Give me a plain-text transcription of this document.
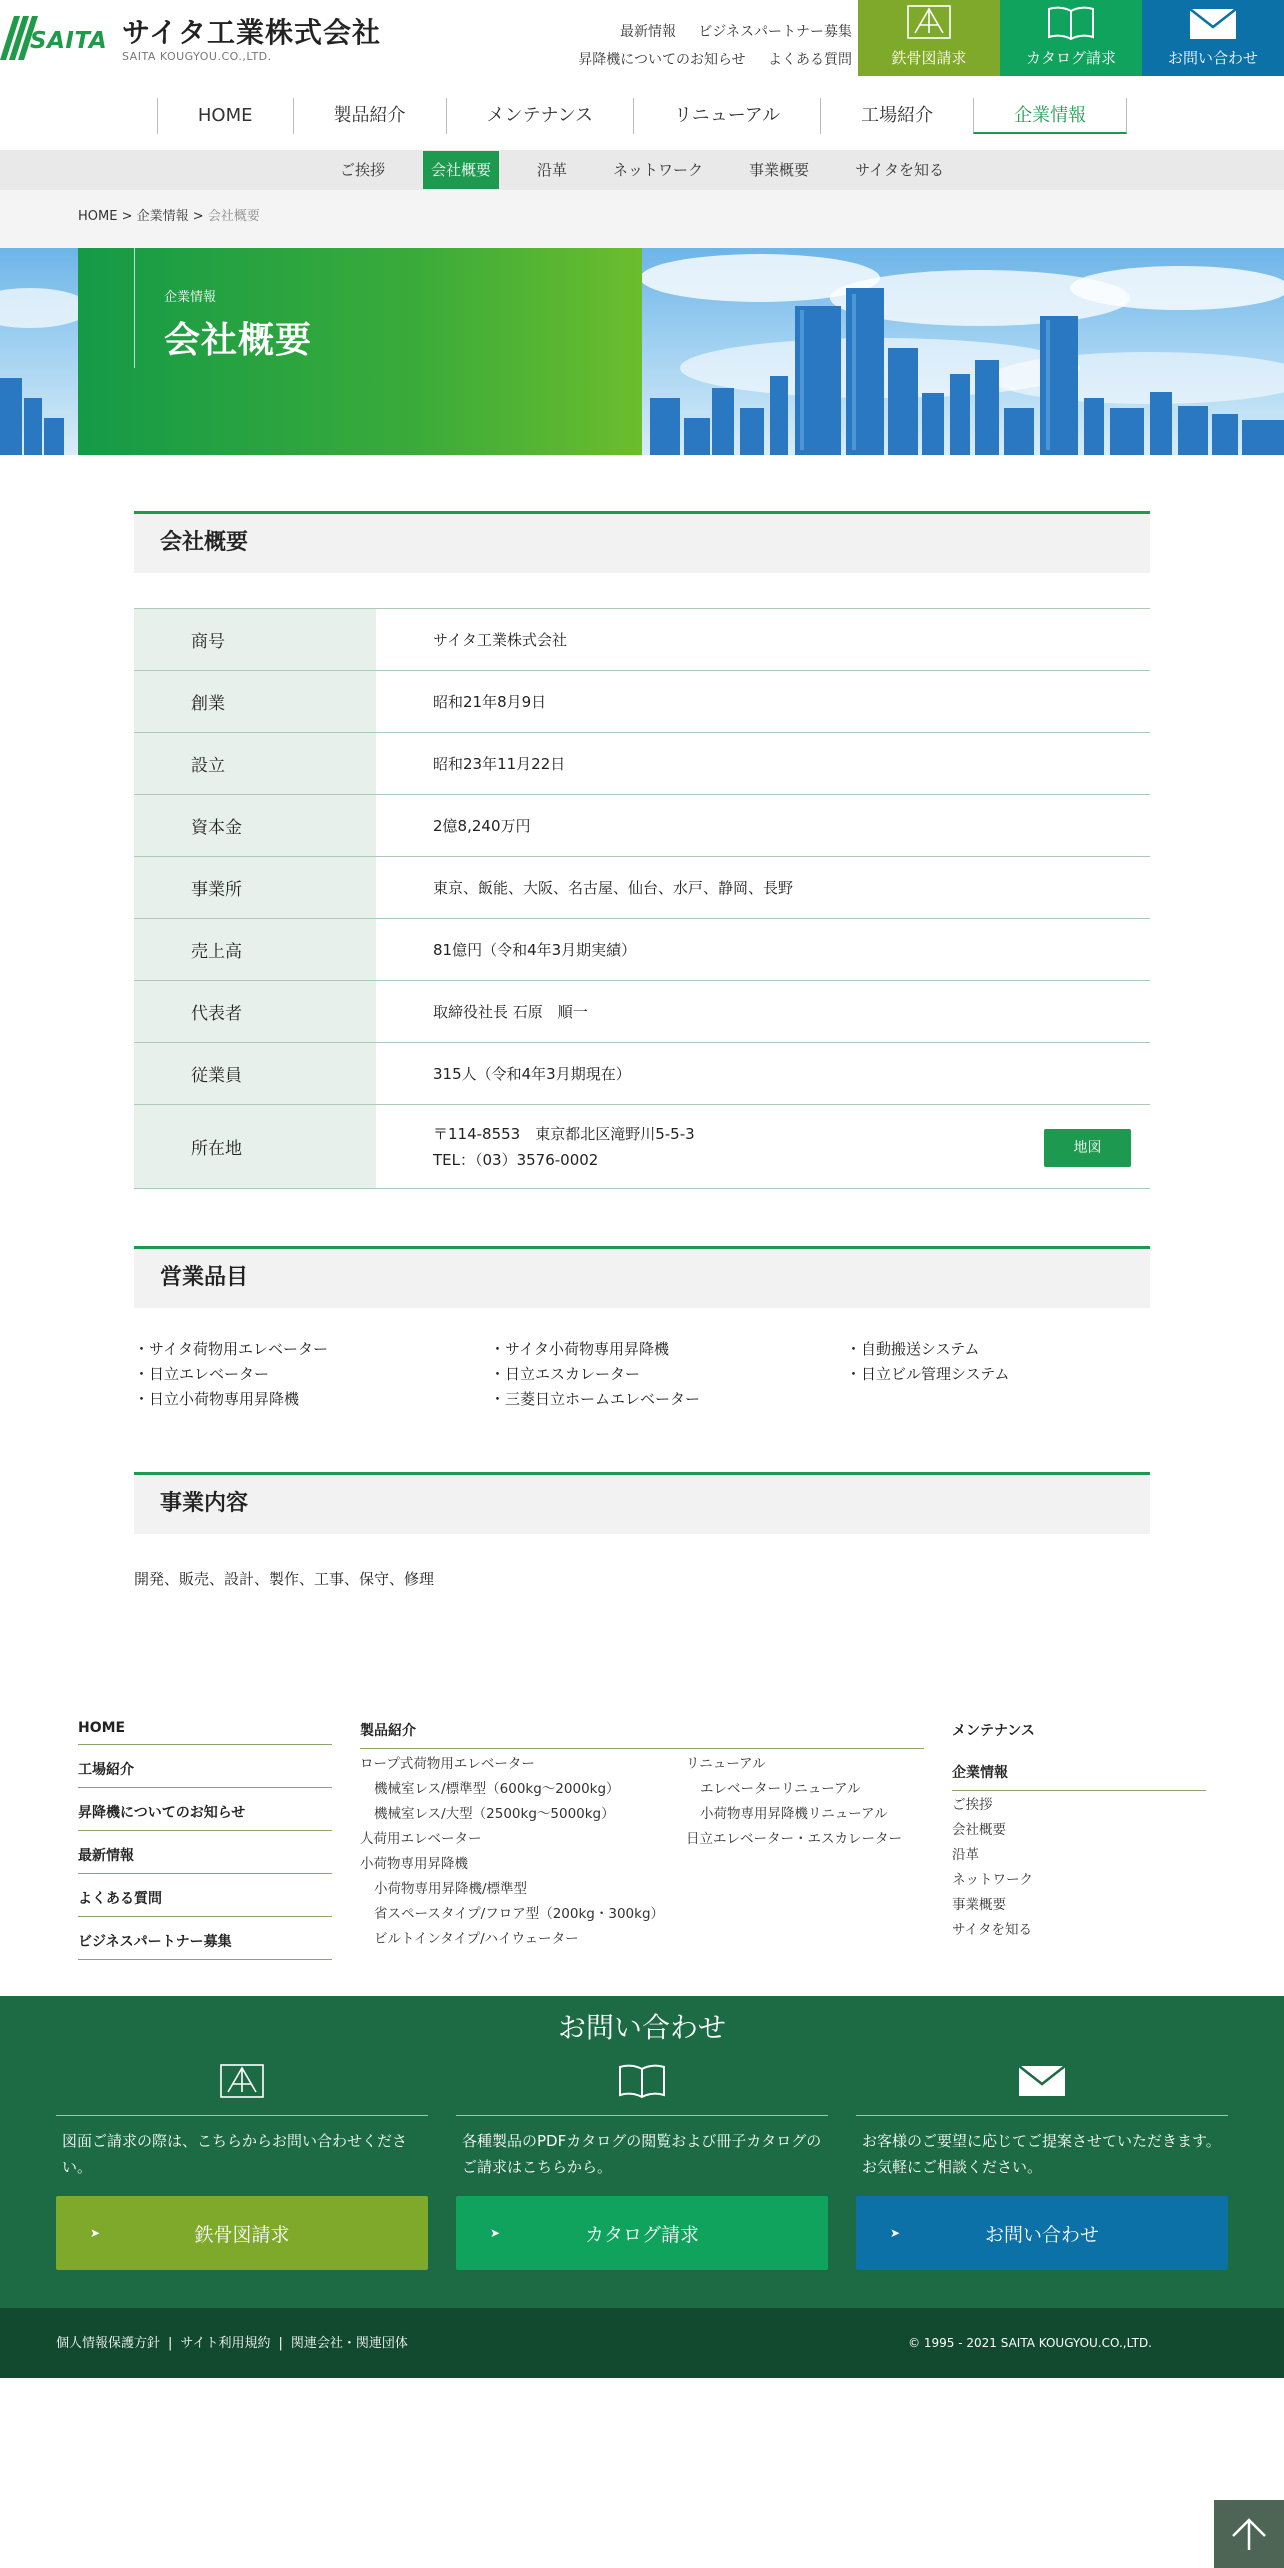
SAITA サイタ工業株式会社
SAITA KOUGYOU.CO.,LTD.
最新情報 ビジネスパートナー募集
昇降機についてのお知らせ よくある質問	鉄骨図請求	カタログ請求	お問い合わせ
HOME	製品紹介	メンテナンス	リニューアル	工場紹介	企業情報
ご挨拶	会社概要	沿革	ネットワーク	事業概要	サイタを知る
HOME > 企業情報 > 会社概要
企業情報
会社概要
会社概要
商号	サイタ工業株式会社
創業	昭和21年8月9日
設立	昭和23年11月22日
資本金	2億8,240万円
事業所	東京、飯能、大阪、名古屋、仙台、水戸、静岡、長野
売上高	81億円（令和4年3月期実績）
代表者	取締役社長 石原　順一
従業員	315人（令和4年3月期現在）
所在地	〒114-8553　東京都北区滝野川5-5-3
TEL：（03）3576-0002
地図
営業品目
・サイタ荷物用エレベーター	・サイタ小荷物専用昇降機	・自動搬送システム
・日立エレベーター	・日立エスカレーター	・日立ビル管理システム
・日立小荷物専用昇降機	・三菱日立ホームエレベーター
事業内容

開発、販売、設計、製作、工事、保守、修理

HOME
工場紹介
昇降機についてのお知らせ
最新情報
よくある質問
ビジネスパートナー募集
製品紹介
ロープ式荷物用エレベーター
機械室レス/標準型（600kg〜2000kg）
機械室レス/大型（2500kg〜5000kg）
人荷用エレベーター
小荷物専用昇降機
小荷物専用昇降機/標準型
省スペースタイプ/フロア型（200kg・300kg）
ビルトインタイプ/ハイウェーター
リニューアル
エレベーターリニューアル
小荷物専用昇降機リニューアル
日立エレベーター・エスカレーター
メンテナンス
企業情報
ご挨拶
会社概要
沿革
ネットワーク
事業概要
サイタを知る
お問い合わせ

図面ご請求の際は、こちらからお問い合わせください。

➤	鉄骨図請求

各種製品のPDFカタログの閲覧および冊子カタログのご請求はこちらから。

➤	カタログ請求

お客様のご要望に応じてご提案させていただきます。お気軽にご相談ください。

➤	お問い合わせ
個人情報保護方針 | サイト利用規約 | 関連会社・関連団体	© 1995 - 2021 SAITA KOUGYOU.CO.,LTD.
